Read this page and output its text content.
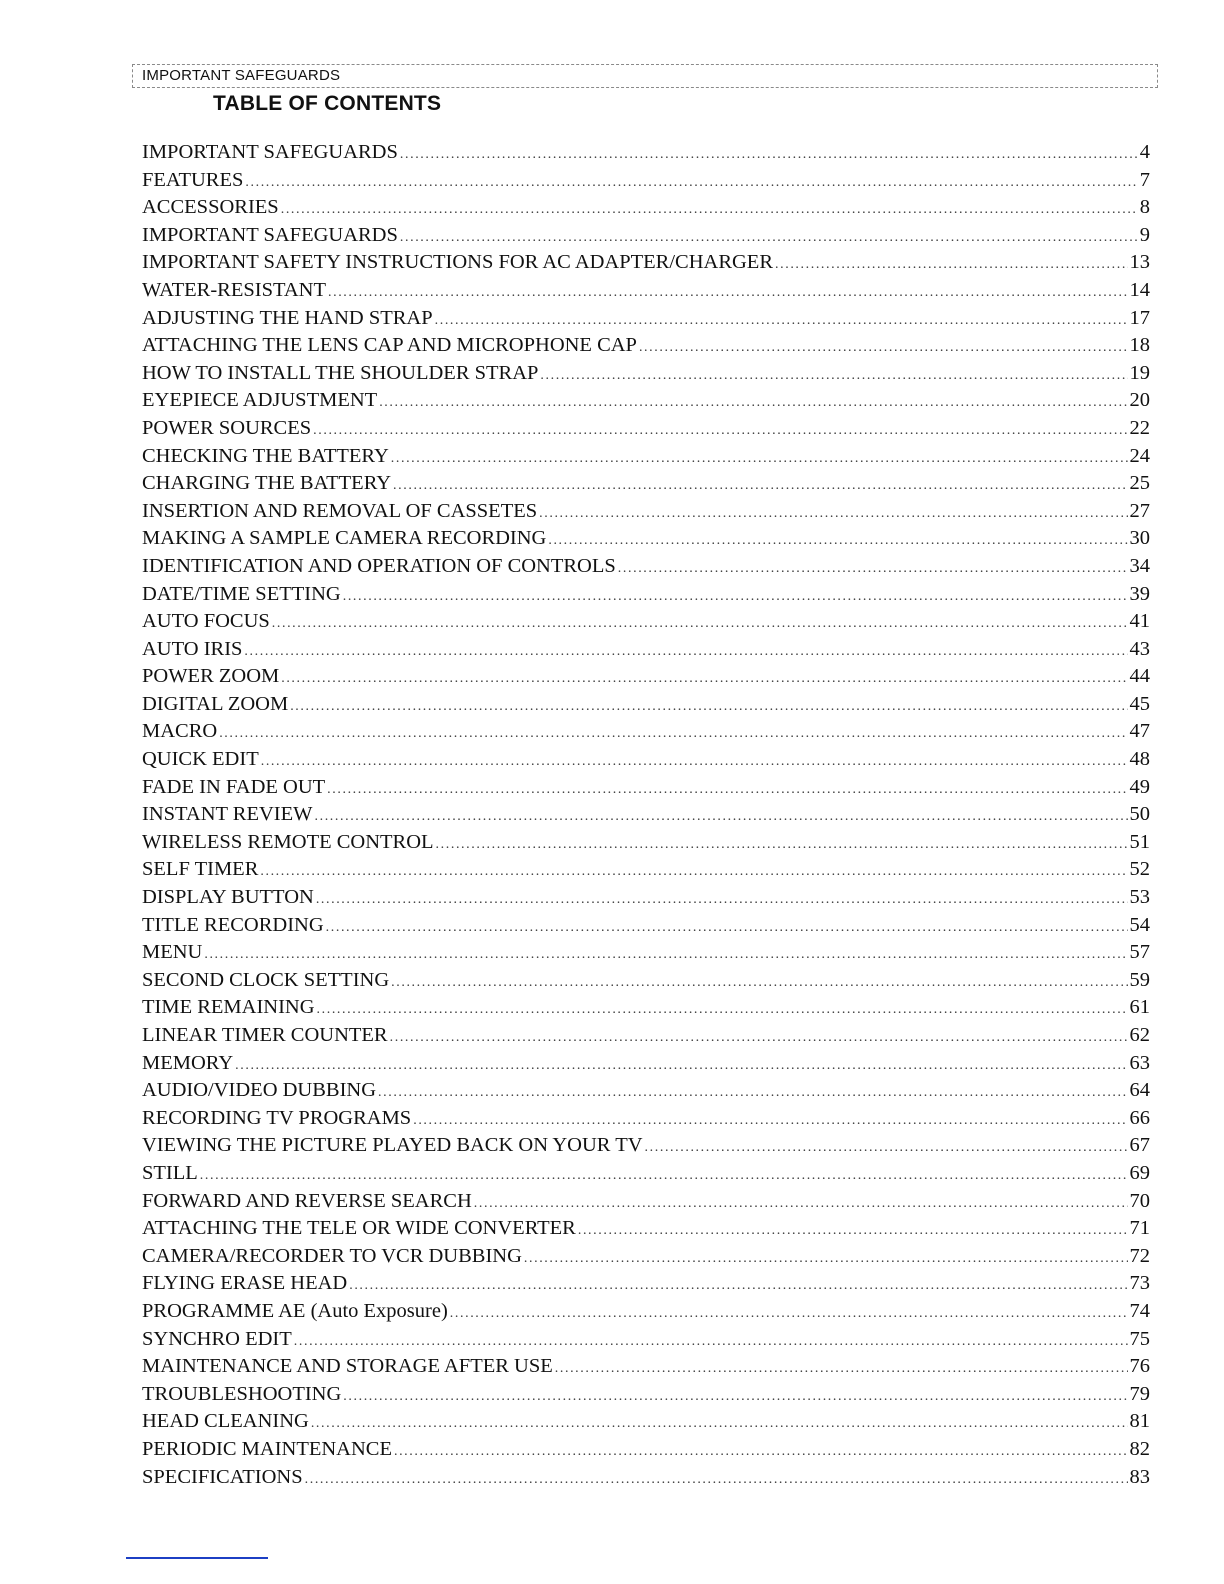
IMPORTANT SAFEGUARDS
TABLE OF CONTENTS
IMPORTANT SAFEGUARDS .....	4
FEATURES .....	7
ACCESSORIES .....	8
IMPORTANT SAFEGUARDS .....	9
IMPORTANT SAFETY INSTRUCTIONS FOR AC ADAPTER/CHARGER .....	13
WATER-RESISTANT .....	14
ADJUSTING THE HAND STRAP .....	17
ATTACHING THE LENS CAP AND MICROPHONE CAP .....	18
HOW TO INSTALL THE SHOULDER STRAP .....	19
EYEPIECE ADJUSTMENT .....	20
POWER SOURCES .....	22
CHECKING THE BATTERY .....	24
CHARGING THE BATTERY .....	25
INSERTION AND REMOVAL OF CASSETES .....	27
MAKING A SAMPLE CAMERA RECORDING .....	30
IDENTIFICATION AND OPERATION OF CONTROLS .....	34
DATE/TIME SETTING .....	39
AUTO FOCUS .....	41
AUTO IRIS .....	43
POWER ZOOM .....	44
DIGITAL ZOOM .....	45
MACRO .....	47
QUICK EDIT .....	48
FADE IN FADE OUT .....	49
INSTANT REVIEW .....	50
WIRELESS REMOTE CONTROL .....	51
SELF TIMER .....	52
DISPLAY BUTTON .....	53
TITLE RECORDING .....	54
MENU .....	57
SECOND CLOCK SETTING .....	59
TIME REMAINING .....	61
LINEAR TIMER COUNTER .....	62
MEMORY .....	63
AUDIO/VIDEO DUBBING .....	64
RECORDING TV PROGRAMS .....	66
VIEWING THE PICTURE PLAYED BACK ON YOUR TV .....	67
STILL .....	69
FORWARD AND REVERSE SEARCH .....	70
ATTACHING THE TELE OR WIDE CONVERTER .....	71
CAMERA/RECORDER TO VCR DUBBING .....	72
FLYING ERASE HEAD .....	73
PROGRAMME AE (Auto Exposure) .....	74
SYNCHRO EDIT .....	75
MAINTENANCE AND STORAGE AFTER USE .....	76
TROUBLESHOOTING .....	79
HEAD CLEANING .....	81
PERIODIC MAINTENANCE .....	82
SPECIFICATIONS .....	83
